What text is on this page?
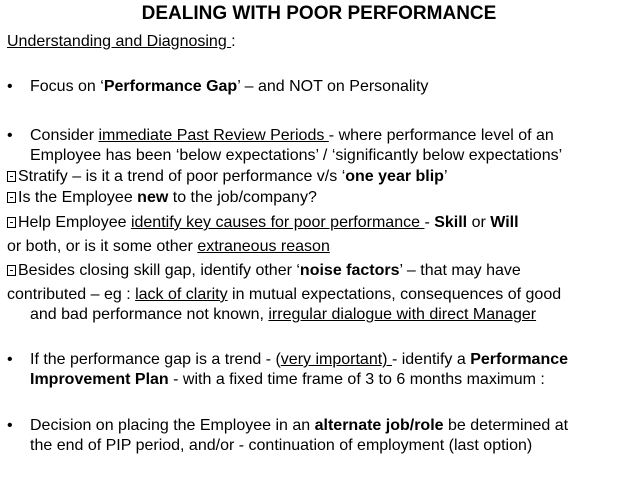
DEALING WITH POOR PERFORMANCE
Understanding and Diagnosing :
• Focus on ‘Performance Gap’ – and NOT on Personality
• Consider immediate Past Review Periods - where performance level of an
Employee has been ‘below expectations’ / ‘significantly below expectations’
Stratify – is it a trend of poor performance v/s ‘one year blip’
Is the Employee new to the job/company?
Help Employee identify key causes for poor performance - Skill or Will
or both, or is it some other extraneous reason
Besides closing skill gap, identify other ‘noise factors’ – that may have
contributed – eg : lack of clarity in mutual expectations, consequences of good
and bad performance not known, irregular dialogue with direct Manager
• If the performance gap is a trend - (very important) - identify a Performance
Improvement Plan - with a fixed time frame of 3 to 6 months maximum :
• Decision on placing the Employee in an alternate job/role be determined at
the end of PIP period, and/or - continuation of employment (last option)
